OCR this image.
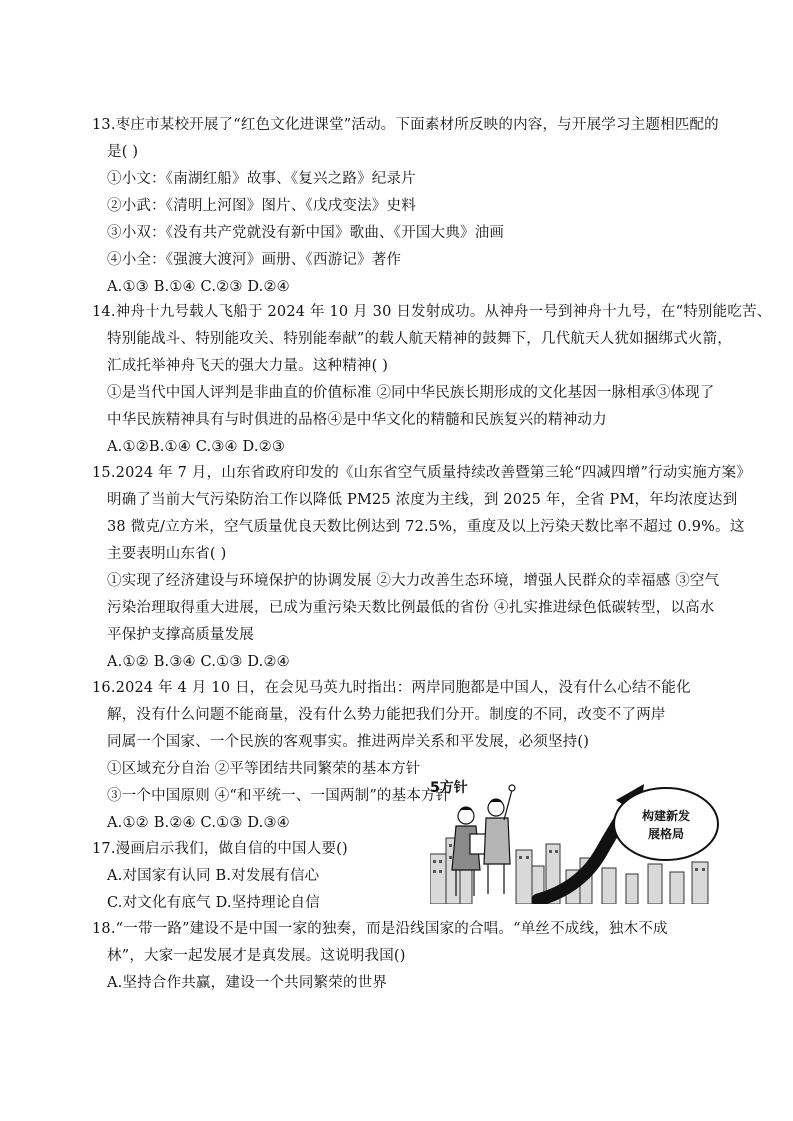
13.枣庄市某校开展了“红色文化进课堂”活动。下面素材所反映的内容，与开展学习主题相匹配的
是( )
①小文：《南湖红船》故事、《复兴之路》纪录片
②小武：《清明上河图》图片、《戊戌变法》史料
③小双：《没有共产党就没有新中国》歌曲、《开国大典》油画
④小全：《强渡大渡河》画册、《西游记》著作
A.①③ B.①④ C.②③ D.②④
14.神舟十九号载人飞船于 2024 年 10 月 30 日发射成功。从神舟一号到神舟十九号，在“特别能吃苦、
特别能战斗、特别能攻关、特别能奉献”的载人航天精神的鼓舞下，几代航天人犹如捆绑式火箭，
汇成托举神舟飞天的强大力量。这种精神( )
①是当代中国人评判是非曲直的价值标准 ②同中华民族长期形成的文化基因一脉相承③体现了
中华民族精神具有与时俱进的品格④是中华文化的精髓和民族复兴的精神动力
A.①②B.①④ C.③④ D.②③
15.2024 年 7 月，山东省政府印发的《山东省空气质量持续改善暨第三轮“四减四增”行动实施方案》
明确了当前大气污染防治工作以降低 PM25 浓度为主线，到 2025 年，全省 PM，年均浓度达到
38 微克/立方米，空气质量优良天数比例达到 72.5%，重度及以上污染天数比率不超过 0.9%。这
主要表明山东省( )
①实现了经济建设与环境保护的协调发展 ②大力改善生态环境，增强人民群众的幸福感 ③空气
污染治理取得重大进展，已成为重污染天数比例最低的省份 ④扎实推进绿色低碳转型，以高水
平保护支撑高质量发展
A.①② B.③④ C.①③ D.②④
16.2024 年 4 月 10 日，在会见马英九时指出：两岸同胞都是中国人，没有什么心结不能化
解，没有什么问题不能商量，没有什么势力能把我们分开。制度的不同，改变不了两岸
同属一个国家、一个民族的客观事实。推进两岸关系和平发展，必须坚持()
①区域充分自治 ②平等团结共同繁荣的基本方针
③一个中国原则 ④“和平统一、一国两制”的基本方针
A.①② B.②④ C.①③ D.③④
5方针
构建新发
展格局
17.漫画启示我们，做自信的中国人要()
A.对国家有认同 B.对发展有信心
C.对文化有底气 D.坚持理论自信
18.“一带一路”建设不是中国一家的独奏，而是沿线国家的合唱。“单丝不成线，独木不成
林”，大家一起发展才是真发展。这说明我国()
A.坚持合作共赢，建设一个共同繁荣的世界
